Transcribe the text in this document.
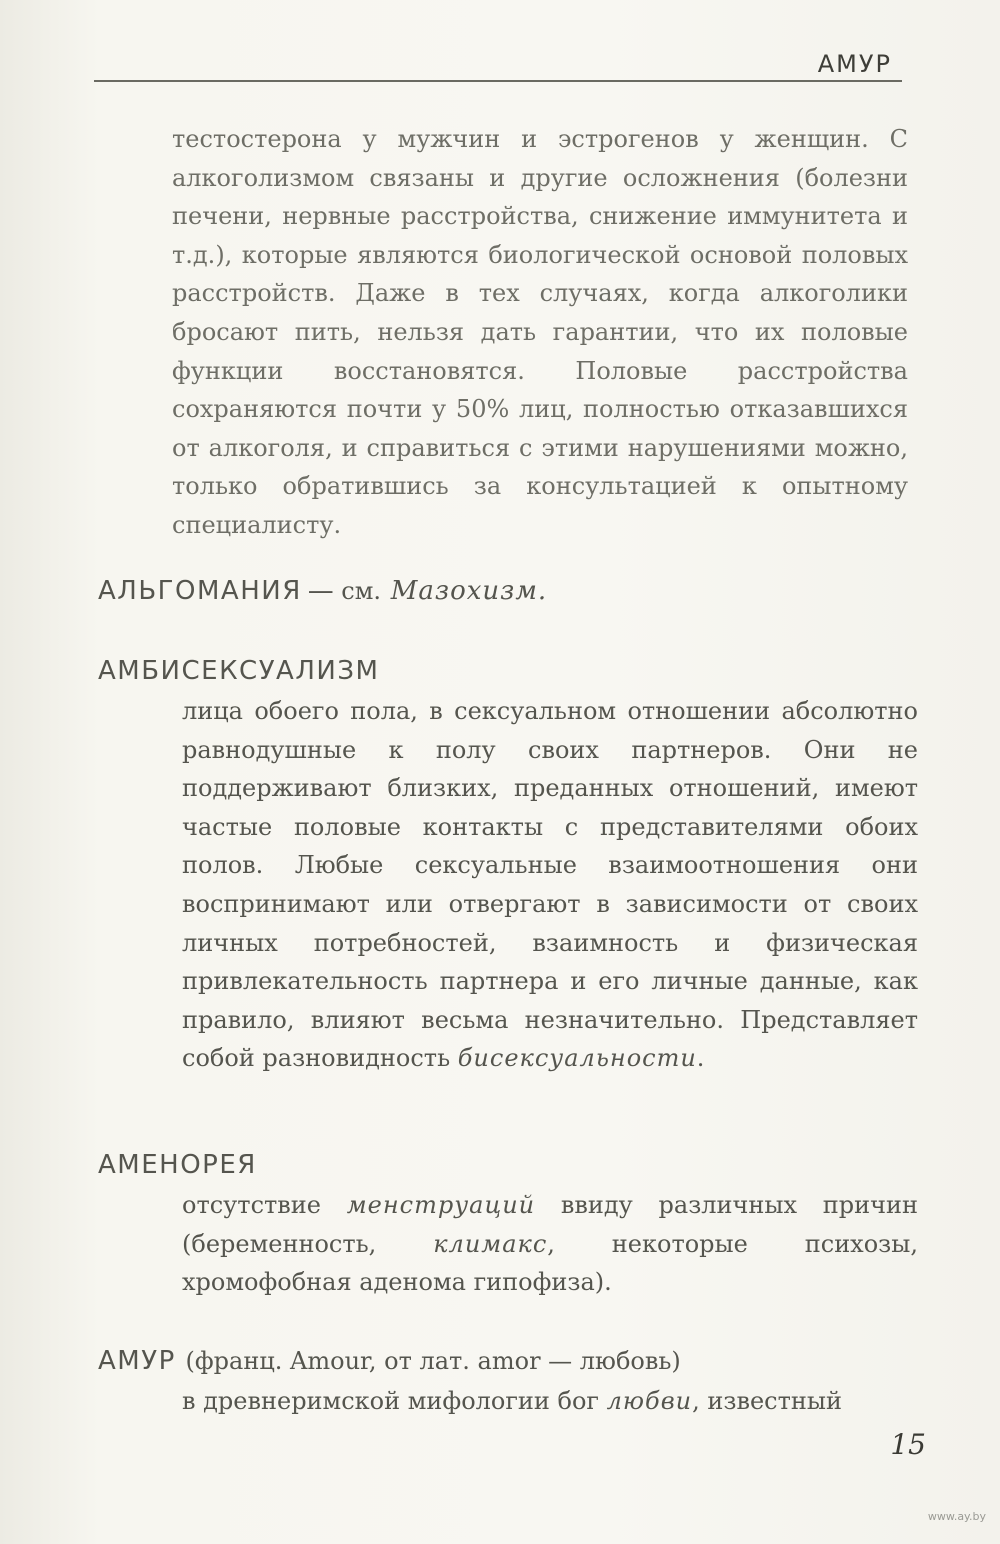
АМУР

тестостерона у мужчин и эстрогенов у женщин. С алкоголизмом связаны и другие осложнения (болезни печени, нервные расстройства, снижение иммунитета и т.д.), которые являются биологической основой половых расстройств. Даже в тех случаях, когда алкоголики бросают пить, нельзя дать гарантии, что их половые функции восстановятся. Половые расстройства сохраняются почти у 50% лиц, полностью отказавшихся от алкоголя, и справиться с этими нарушениями можно, только обратившись за консультацией к опытному специалисту.

АЛЬГОМАНИЯ — см. Мазохизм.
АМБИСЕКСУАЛИЗМ
лица обоего пола, в сексуальном отношении абсолютно равнодушные к полу своих партнеров. Они не поддерживают близких, преданных отношений, имеют частые половые контакты с представителями обоих полов. Любые сексуальные взаимоотношения они воспринимают или отвергают в зависимости от своих личных потребностей, взаимность и физическая привлекательность партнера и его личные данные, как правило, влияют весьма незначительно. Представляет собой разновидность бисексуальности.
АМЕНОРЕЯ
отсутствие менструаций ввиду различных причин (беременность, климакс, некоторые психозы, хромофобная аденома гипофиза).
АМУР (франц. Amour, от лат. amor — любовь)
в древнеримской мифологии бог любви, известный
15
www.ay.by
